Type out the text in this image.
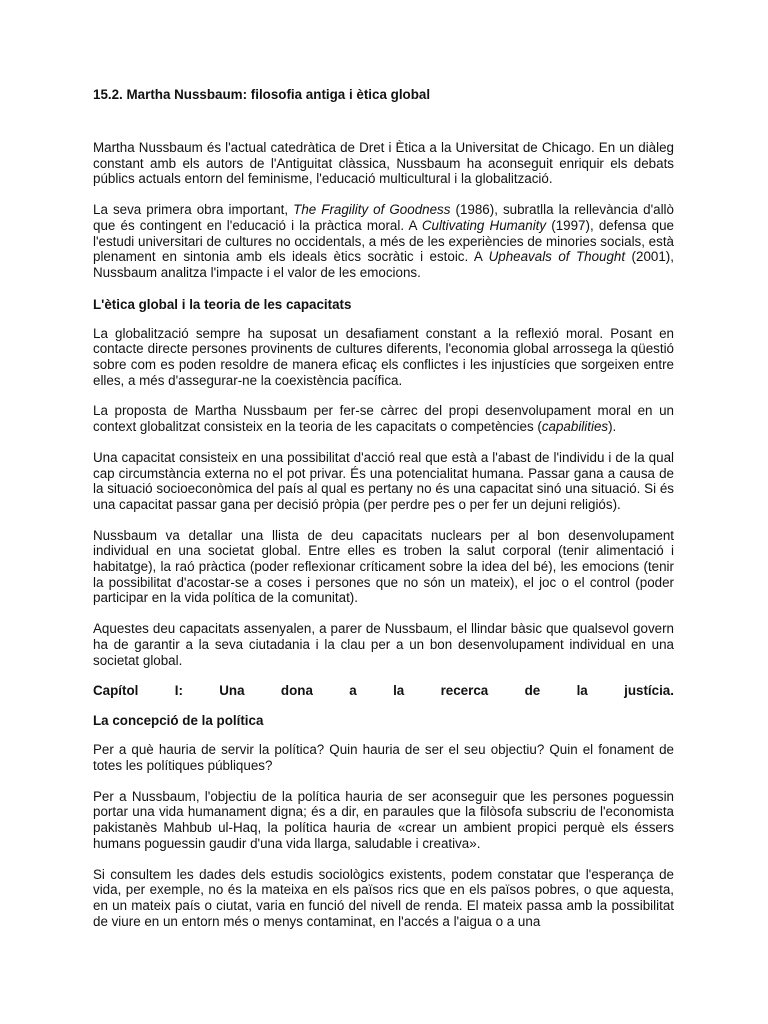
15.2. Martha Nussbaum: filosofia antiga i ètica global

Martha Nussbaum és l'actual catedràtica de Dret i Ètica a la Universitat de Chicago. En un diàleg constant amb els autors de l'Antiguitat clàssica, Nussbaum ha aconseguit enriquir els debats públics actuals entorn del feminisme, l'educació multicultural i la globalització.

La seva primera obra important, The Fragility of Goodness (1986), subratlla la rellevància d'allò que és contingent en l'educació i la pràctica moral. A Cultivating Humanity (1997), defensa que l'estudi universitari de cultures no occidentals, a més de les experiències de minories socials, està plenament en sintonia amb els ideals ètics socràtic i estoic. A Upheavals of Thought (2001), Nussbaum analitza l'impacte i el valor de les emocions.

L'ètica global i la teoria de les capacitats

La globalització sempre ha suposat un desafiament constant a la reflexió moral. Posant en contacte directe persones provinents de cultures diferents, l'economia global arrossega la qüestió sobre com es poden resoldre de manera eficaç els conflictes i les injustícies que sorgeixen entre elles, a més d'assegurar-ne la coexistència pacífica.

La proposta de Martha Nussbaum per fer-se càrrec del propi desenvolupament moral en un context globalitzat consisteix en la teoria de les capacitats o competències (capabilities).

Una capacitat consisteix en una possibilitat d'acció real que està a l'abast de l'individu i de la qual cap circumstància externa no el pot privar. És una potencialitat humana. Passar gana a causa de la situació socioeconòmica del país al qual es pertany no és una capacitat sinó una situació. Si és una capacitat passar gana per decisió pròpia (per perdre pes o per fer un dejuni religiós).

Nussbaum va detallar una llista de deu capacitats nuclears per al bon desenvolupament individual en una societat global. Entre elles es troben la salut corporal (tenir alimentació i habitatge), la raó pràctica (poder reflexionar críticament sobre la idea del bé), les emocions (tenir la possibilitat d'acostar-se a coses i persones que no són un mateix), el joc o el control (poder participar en la vida política de la comunitat).

Aquestes deu capacitats assenyalen, a parer de Nussbaum, el llindar bàsic que qualsevol govern ha de garantir a la seva ciutadania i la clau per a un bon desenvolupament individual en una societat global.

Capítol	I:	Una	dona	a	la	recerca	de	la	justícia.
La concepció de la política

Per a què hauria de servir la política? Quin hauria de ser el seu objectiu? Quin el fonament de totes les polítiques públiques?

Per a Nussbaum, l'objectiu de la política hauria de ser aconseguir que les persones poguessin portar una vida humanament digna; és a dir, en paraules que la filòsofa subscriu de l'economista pakistanès Mahbub ul-Haq, la política hauria de «crear un ambient propici perquè els éssers humans poguessin gaudir d'una vida llarga, saludable i creativa».

Si consultem les dades dels estudis sociològics existents, podem constatar que l'esperança de vida, per exemple, no és la mateixa en els països rics que en els països pobres, o que aquesta, en un mateix país o ciutat, varia en funció del nivell de renda. El mateix passa amb la possibilitat de viure en un entorn més o menys contaminat, en l'accés a l'aigua o a una
